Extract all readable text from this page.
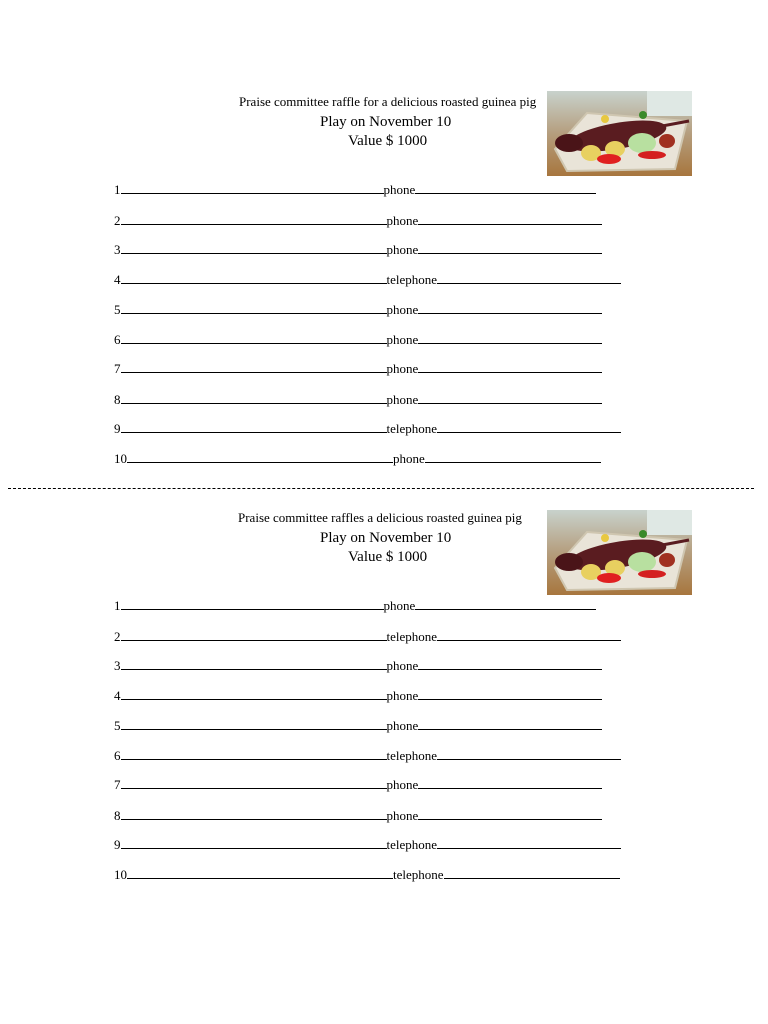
Praise committee raffle for a delicious roasted guinea pig
Play on November 10
Value $ 1000
1	phone
2	phone
3	phone
4	telephone
5	phone
6	phone
7	phone
8	phone
9	telephone
10	phone
Praise committee raffles a delicious roasted guinea pig
Play on November 10
Value $ 1000
1	phone
2	telephone
3	phone
4	phone
5	phone
6	telephone
7	phone
8	phone
9	telephone
10	telephone
